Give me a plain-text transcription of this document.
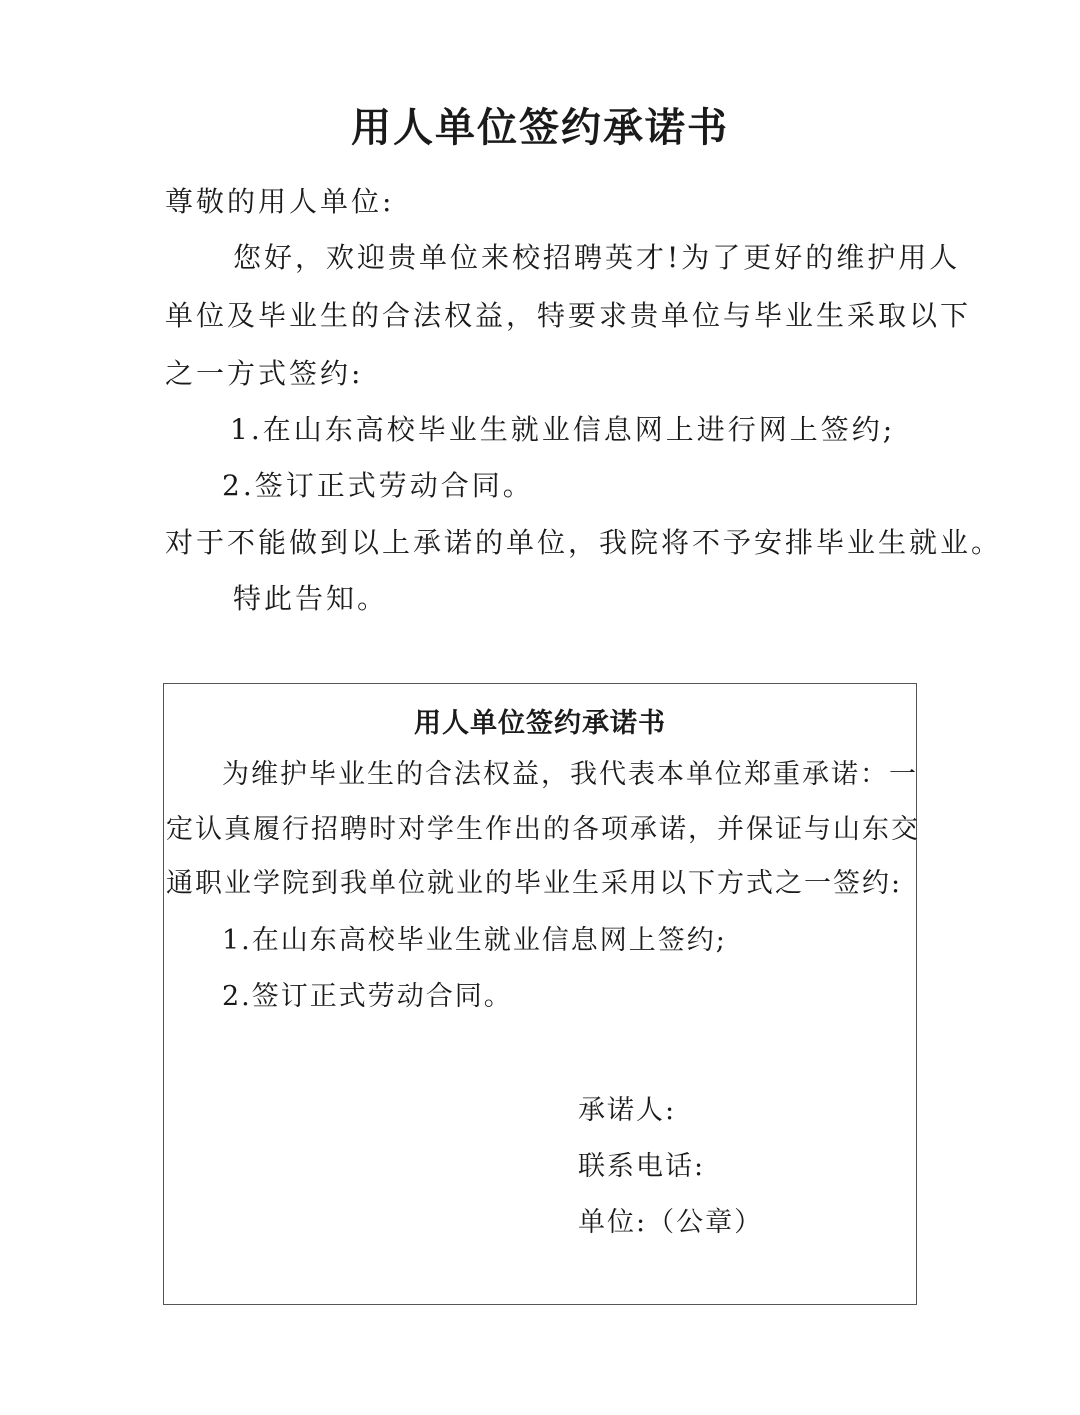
用人单位签约承诺书
尊敬的用人单位:
您好，欢迎贵单位来校招聘英才!为了更好的维护用人
单位及毕业生的合法权益，特要求贵单位与毕业生采取以下
之一方式签约:
1.在山东高校毕业生就业信息网上进行网上签约;
2.签订正式劳动合同。
对于不能做到以上承诺的单位，我院将不予安排毕业生就业。
特此告知。
用人单位签约承诺书
为维护毕业生的合法权益，我代表本单位郑重承诺：一
定认真履行招聘时对学生作出的各项承诺，并保证与山东交
通职业学院到我单位就业的毕业生采用以下方式之一签约:
1.在山东高校毕业生就业信息网上签约;
2.签订正式劳动合同。
承诺人:
联系电话:
单位:（公章）
